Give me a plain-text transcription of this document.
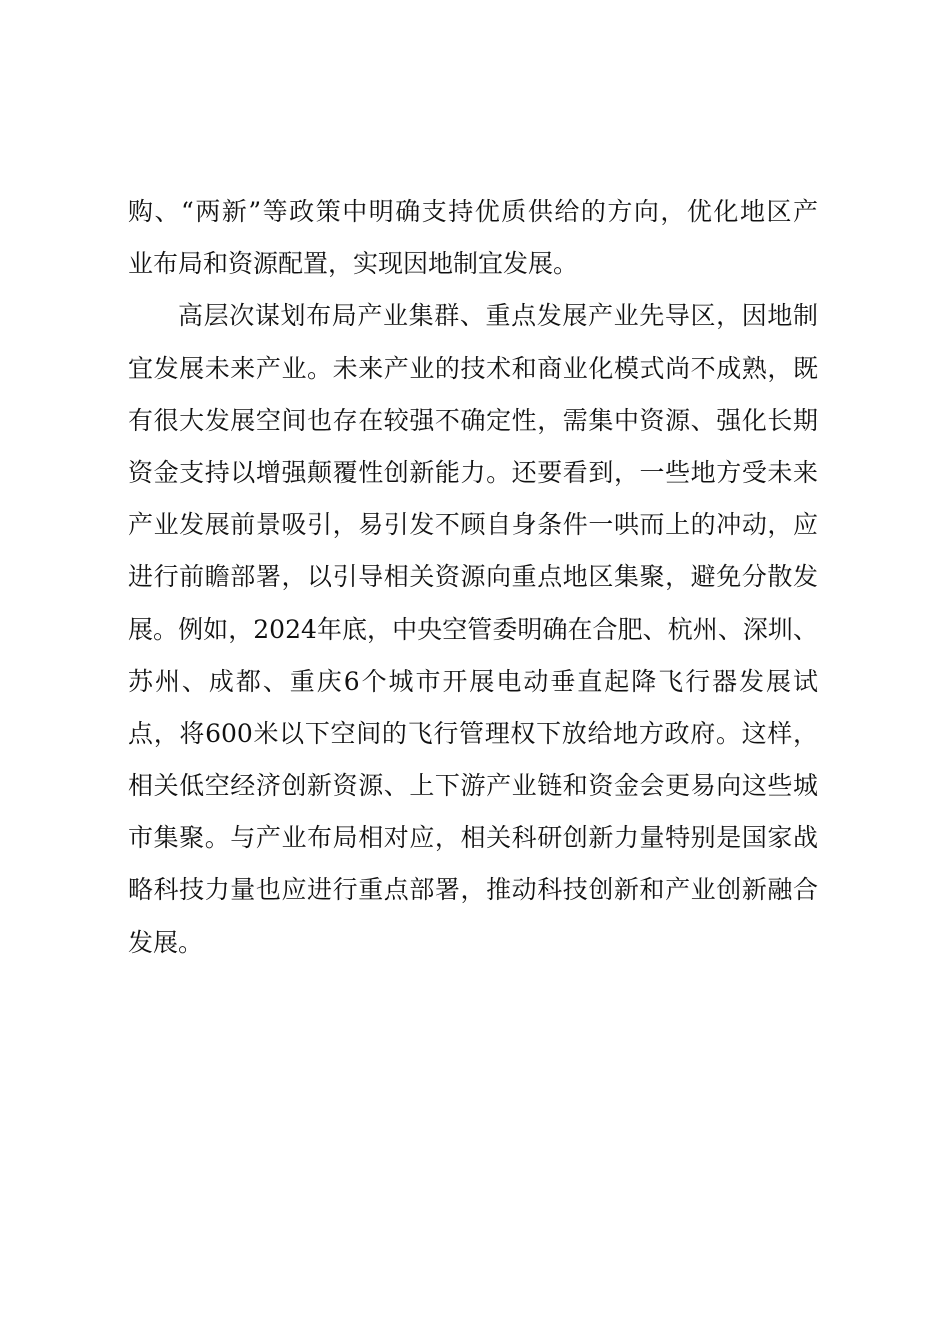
购、“两新”等政策中明确支持优质供给的方向，优化地区产
业布局和资源配置，实现因地制宜发展。
高层次谋划布局产业集群、重点发展产业先导区，因地制
宜发展未来产业。未来产业的技术和商业化模式尚不成熟，既
有很大发展空间也存在较强不确定性，需集中资源、强化长期
资金支持以增强颠覆性创新能力。还要看到，一些地方受未来
产业发展前景吸引，易引发不顾自身条件一哄而上的冲动，应
进行前瞻部署，以引导相关资源向重点地区集聚，避免分散发
展。例如，2024年底，中央空管委明确在合肥、杭州、深圳、
苏州、成都、重庆6个城市开展电动垂直起降飞行器发展试
点，将600米以下空间的飞行管理权下放给地方政府。这样，
相关低空经济创新资源、上下游产业链和资金会更易向这些城
市集聚。与产业布局相对应，相关科研创新力量特别是国家战
略科技力量也应进行重点部署，推动科技创新和产业创新融合
发展。
